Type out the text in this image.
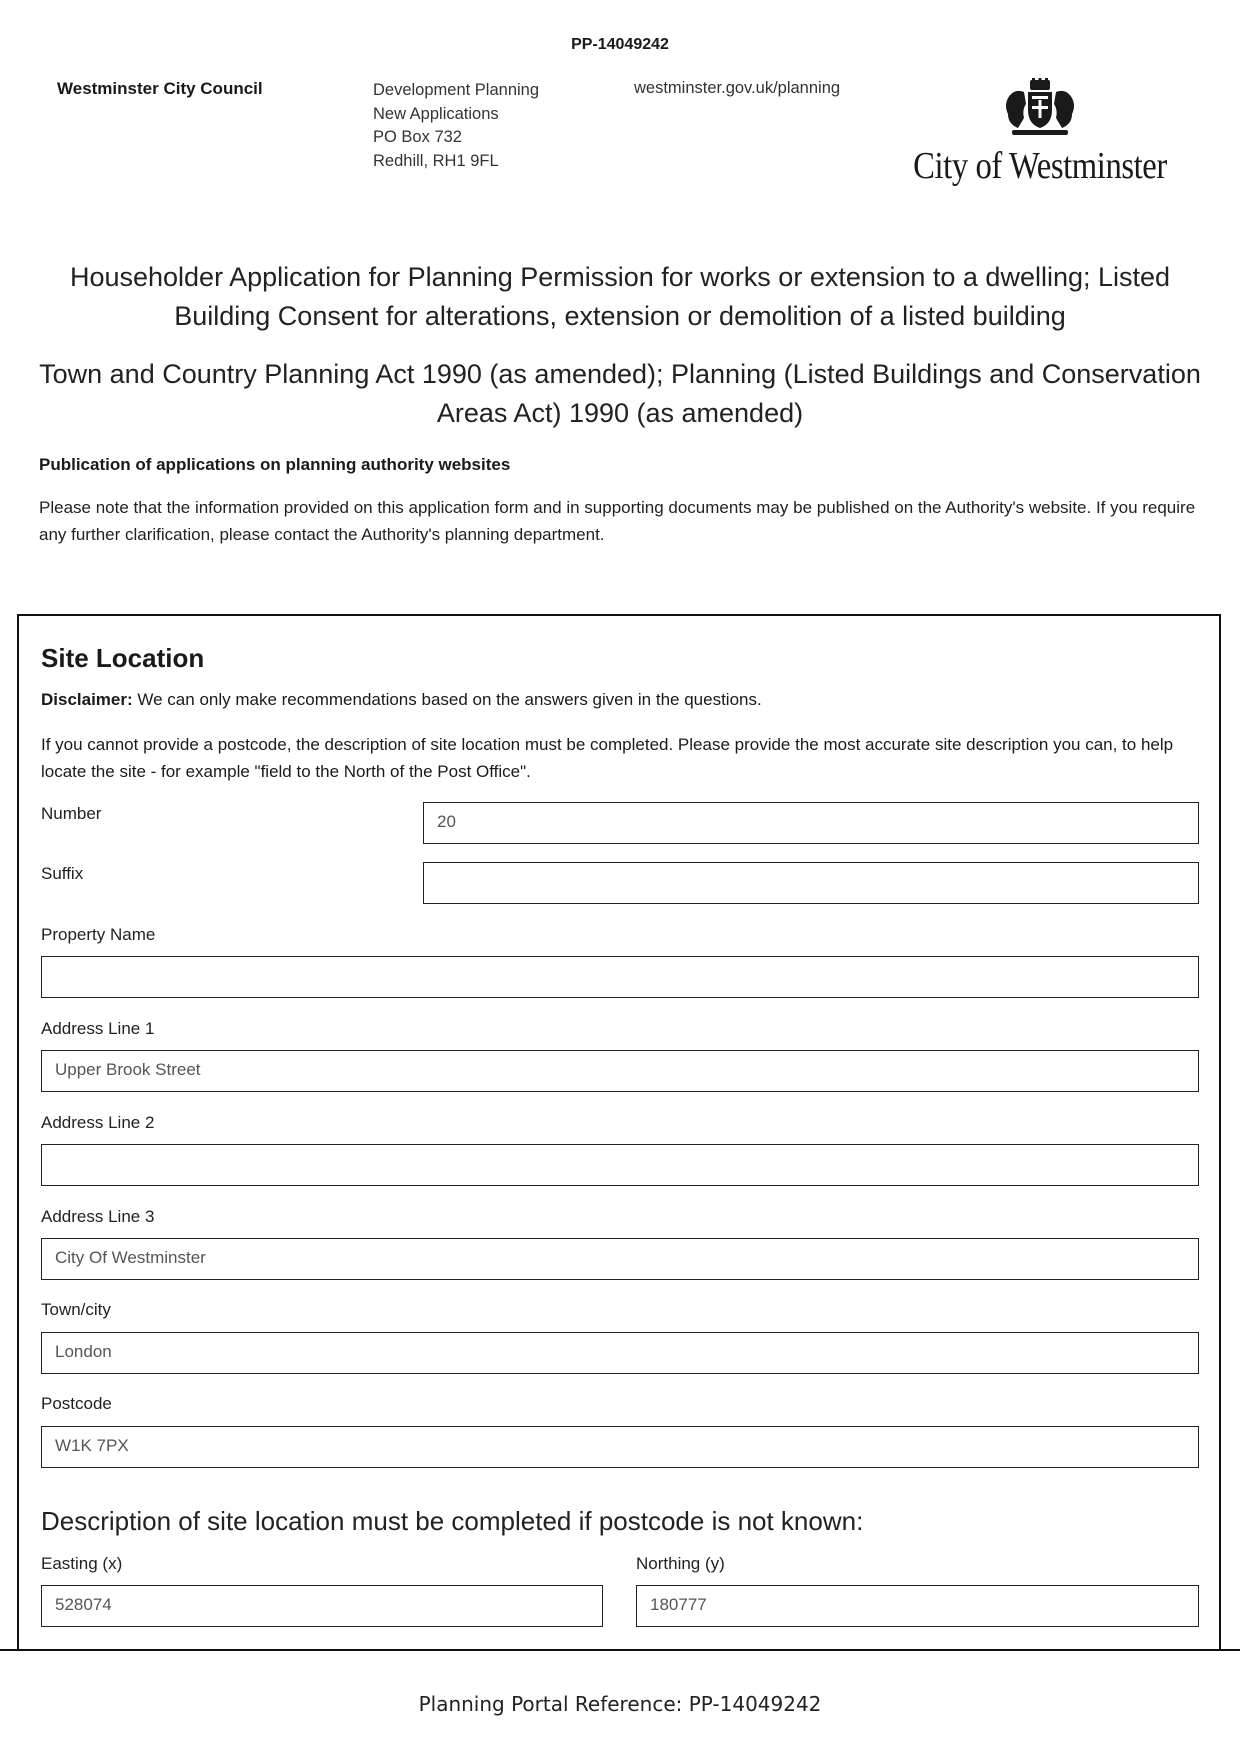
PP-14049242
Westminster City Council	Development Planning
New Applications
PO Box 732
Redhill, RH1 9FL
westminster.gov.uk/planning
City of Westminster
Householder Application for Planning Permission for works or extension to a dwelling; Listed Building Consent for alterations, extension or demolition of a listed building
Town and Country Planning Act 1990 (as amended); Planning (Listed Buildings and Conservation Areas Act) 1990 (as amended)
Publication of applications on planning authority websites
Please note that the information provided on this application form and in supporting documents may be published on the Authority's website. If you require any further clarification, please contact the Authority's planning department.
Site Location
Disclaimer: We can only make recommendations based on the answers given in the questions.
If you cannot provide a postcode, the description of site location must be completed. Please provide the most accurate site description you can, to help locate the site - for example "field to the North of the Post Office".
Number	20
Suffix
Property Name
Address Line 1
Upper Brook Street
Address Line 2
Address Line 3
City Of Westminster
Town/city
London
Postcode
W1K 7PX
Description of site location must be completed if postcode is not known:
Easting (x)	Northing (y)
528074	180777
Planning Portal Reference: PP-14049242
